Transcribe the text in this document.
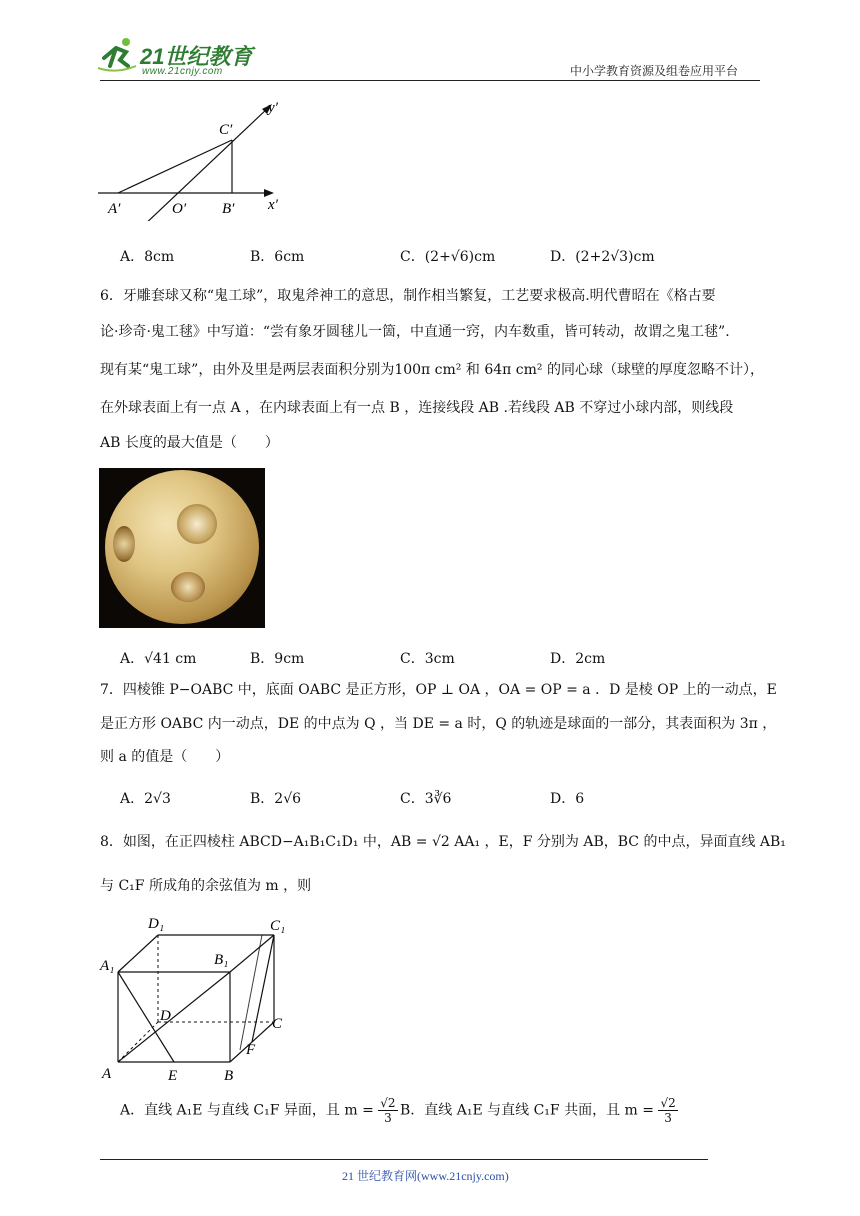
21世纪教育
www.21cnjy.com	中小学教育资源及组卷应用平台
y′
C′
A′	O′ B′ x′
A．8cm	B．6cm	C．(2+√6)cm	D．(2+2√3)cm
6．牙雕套球又称“鬼工球”，取鬼斧神工的意思，制作相当繁复，工艺要求极高.明代曹昭在《格古要
论·珍奇·鬼工毬》中写道：“尝有象牙圆毬儿一箇，中直通一窍，内车数重，皆可转动，故谓之鬼工毬”.
现有某“鬼工球”，由外及里是两层表面积分别为100π cm² 和 64π cm² 的同心球（球壁的厚度忽略不计），
在外球表面上有一点 A ，在内球表面上有一点 B ，连接线段 AB .若线段 AB 不穿过小球内部，则线段
AB 长度的最大值是（　　）
A．√41 cm	B．9cm	C．3cm	D．2cm
7．四棱锥 P−OABC 中，底面 OABC 是正方形，OP ⊥ OA ，OA = OP = a ．D 是棱 OP 上的一动点，E
是正方形 OABC 内一动点，DE 的中点为 Q ，当 DE = a 时，Q 的轨迹是球面的一部分，其表面积为 3π ，
则 a 的值是（　　）
A．2√3	B．2√6	C．3∛6	D．6
8．如图，在正四棱柱 ABCD−A₁B₁C₁D₁ 中，AB = √2 AA₁ ，E，F 分别为 AB，BC 的中点，异面直线 AB₁
与 C₁F 所成角的余弦值为 m ，则
D₁	C₁
A₁	B₁
D	C
F
A	E	B
A．直线 A₁E 与直线 C₁F 异面，且 $m = \frac{√2}{3}$ B．直线 A₁E 与直线 C₁F 共面，且 $m = \frac{√2}{3}$
21 世纪教育网(www.21cnjy.com)
